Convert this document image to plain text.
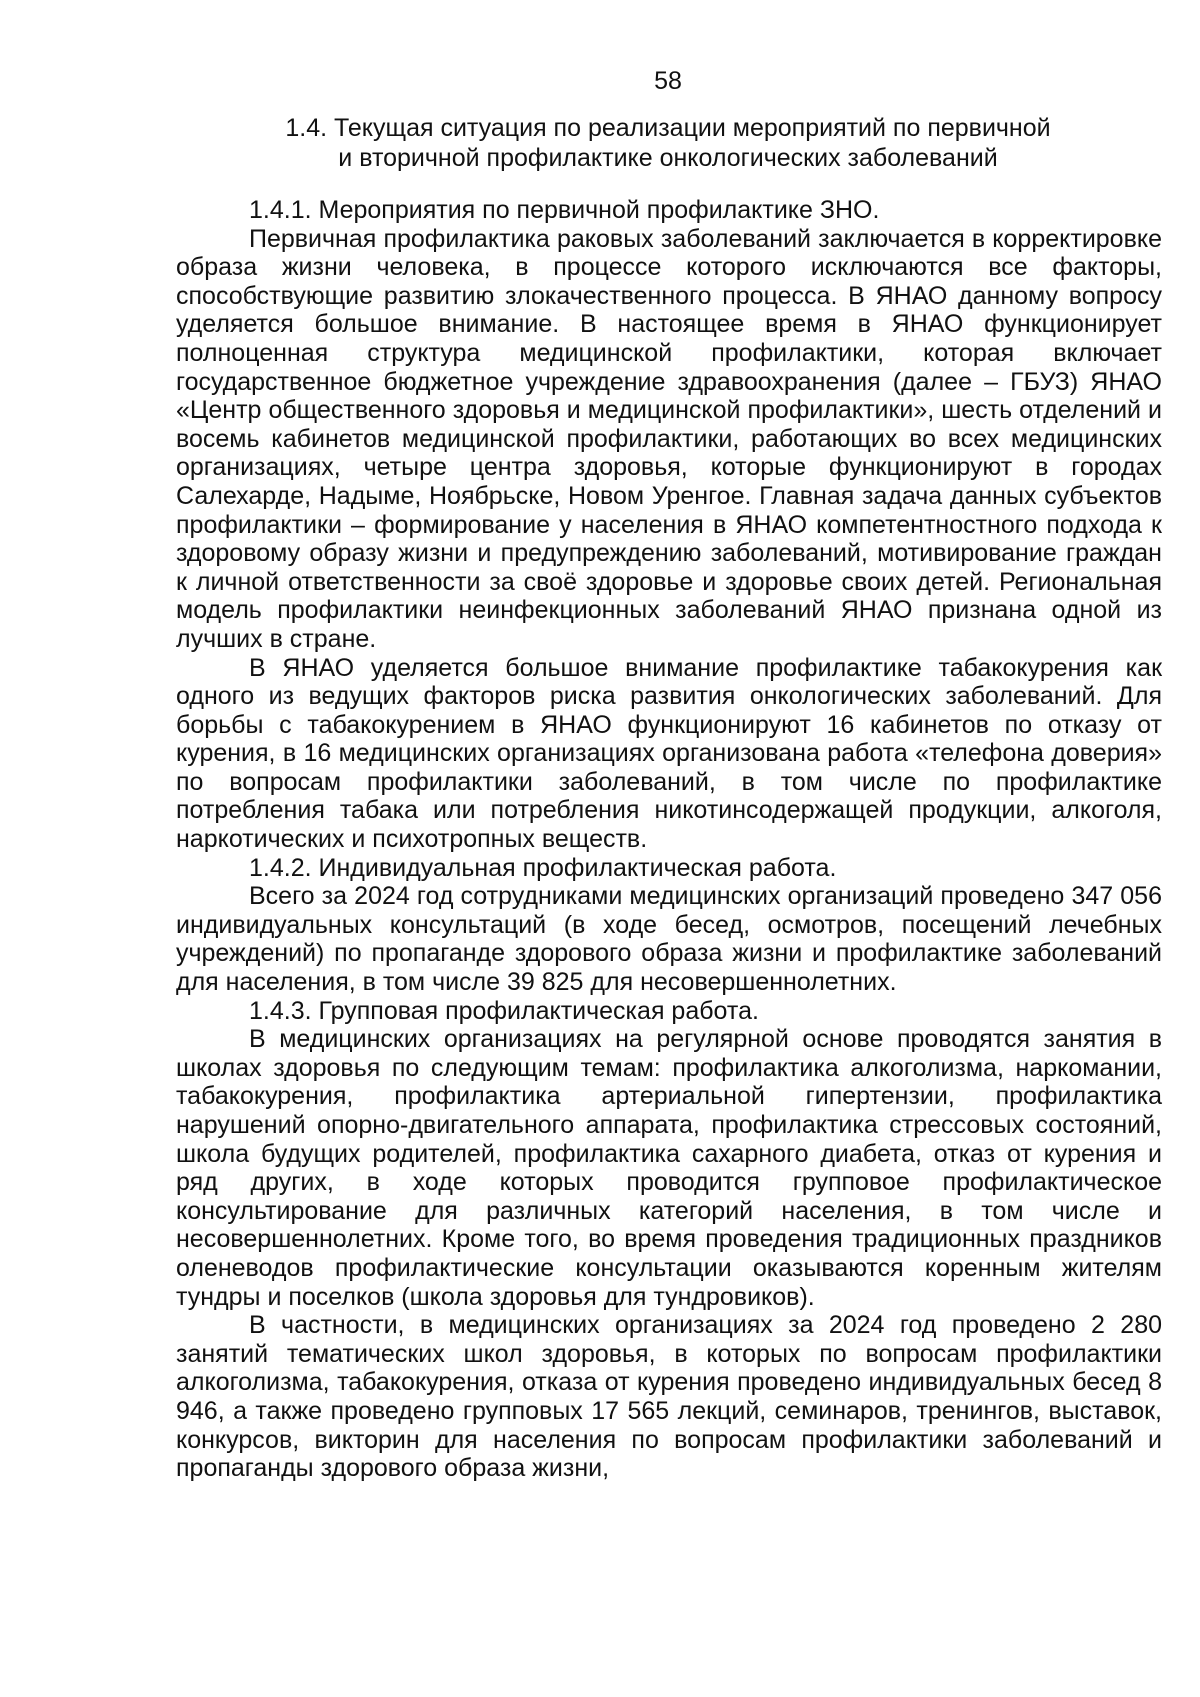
58
1.4. Текущая ситуация по реализации мероприятий по первичной
и вторичной профилактике онкологических заболеваний

1.4.1. Мероприятия по первичной профилактике ЗНО.

Первичная профилактика раковых заболеваний заключается в корректировке образа жизни человека, в процессе которого исключаются все факторы, способствующие развитию злокачественного процесса. В ЯНАО данному вопросу уделяется большое внимание. В настоящее время в ЯНАО функционирует полноценная структура медицинской профилактики, которая включает государственное бюджетное учреждение здравоохранения (далее – ГБУЗ) ЯНАО «Центр общественного здоровья и медицинской профилактики», шесть отделений и восемь кабинетов медицинской профилактики, работающих во всех медицинских организациях, четыре центра здоровья, которые функционируют в городах Салехарде, Надыме, Ноябрьске, Новом Уренгое. Главная задача данных субъектов профилактики – формирование у населения в ЯНАО компетентностного подхода к здоровому образу жизни и предупреждению заболеваний, мотивирование граждан к личной ответственности за своё здоровье и здоровье своих детей. Региональная модель профилактики неинфекционных заболеваний ЯНАО признана одной из лучших в стране.

В ЯНАО уделяется большое внимание профилактике табакокурения как одного из ведущих факторов риска развития онкологических заболеваний. Для борьбы с табакокурением в ЯНАО функционируют 16 кабинетов по отказу от курения, в 16 медицинских организациях организована работа «телефона доверия» по вопросам профилактики заболеваний, в том числе по профилактике потребления табака или потребления никотинсодержащей продукции, алкоголя, наркотических и психотропных веществ.

1.4.2. Индивидуальная профилактическая работа.

Всего за 2024 год сотрудниками медицинских организаций проведено 347 056 индивидуальных консультаций (в ходе бесед, осмотров, посещений лечебных учреждений) по пропаганде здорового образа жизни и профилактике заболеваний для населения, в том числе 39 825 для несовершеннолетних.

1.4.3. Групповая профилактическая работа.

В медицинских организациях на регулярной основе проводятся занятия в школах здоровья по следующим темам: профилактика алкоголизма, наркомании, табакокурения, профилактика артериальной гипертензии, профилактика нарушений опорно-двигательного аппарата, профилактика стрессовых состояний, школа будущих родителей, профилактика сахарного диабета, отказ от курения и ряд других, в ходе которых проводится групповое профилактическое консультирование для различных категорий населения, в том числе и несовершеннолетних. Кроме того, во время проведения традиционных праздников оленеводов профилактические консультации оказываются коренным жителям тундры и поселков (школа здоровья для тундровиков).

В частности, в медицинских организациях за 2024 год проведено 2 280 занятий тематических школ здоровья, в которых по вопросам профилактики алкоголизма, табакокурения, отказа от курения проведено индивидуальных бесед 8 946, а также проведено групповых 17 565 лекций, семинаров, тренингов, выставок, конкурсов, викторин для населения по вопросам профилактики заболеваний и пропаганды здорового образа жизни,
